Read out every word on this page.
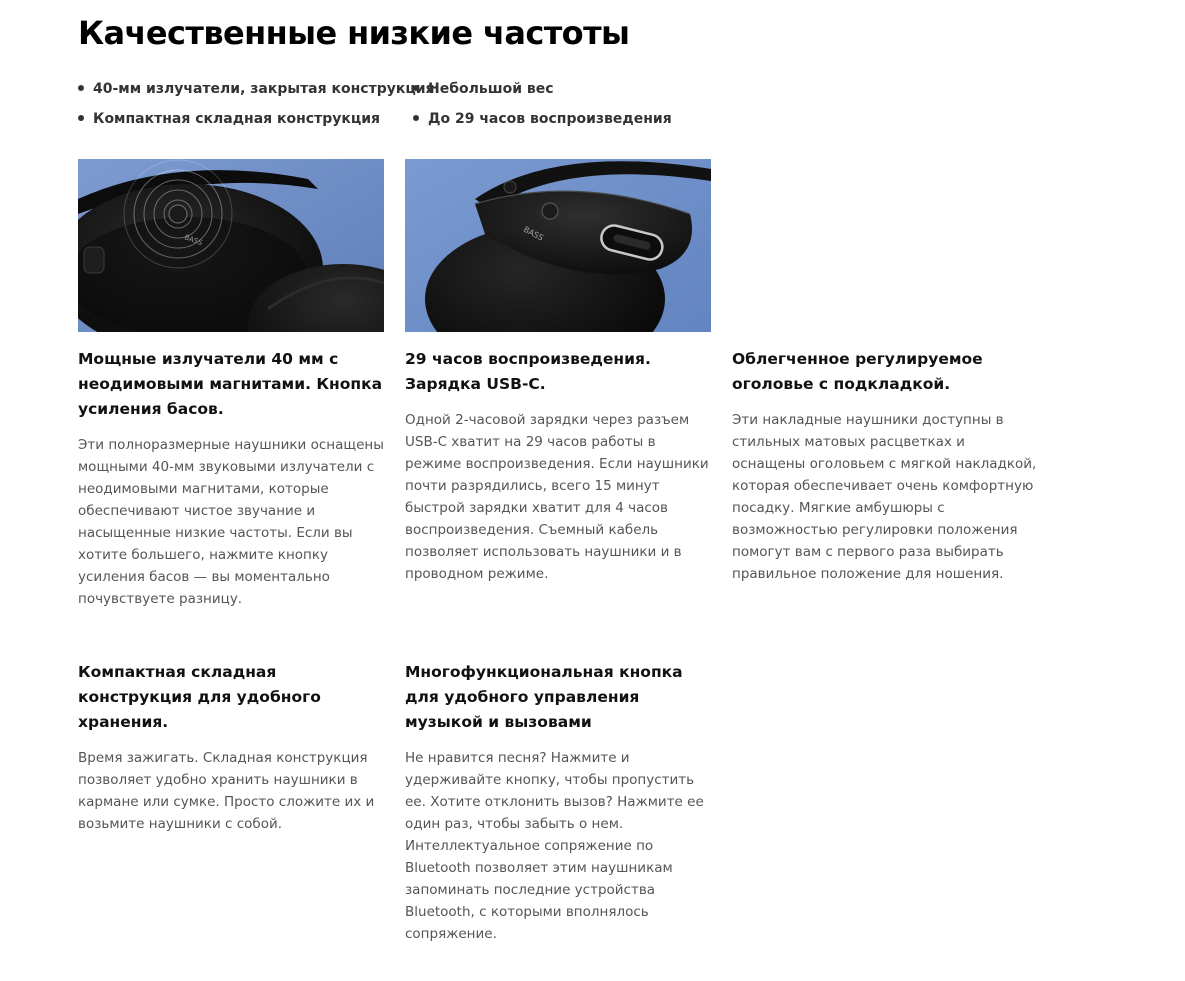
Качественные низкие частоты
40-мм излучатели, закрытая конструкция
Небольшой вес
Компактная складная конструкция	До 29 часов воспроизведения
BASS	BASS
Мощные излучатели 40 мм с неодимовыми магнитами. Кнопка усиления басов.

Эти полноразмерные наушники оснащены мощными 40-мм звуковыми излучатели с неодимовыми магнитами, которые обеспечивают чистое звучание и насыщенные низкие частоты. Если вы хотите большего, нажмите кнопку усиления басов — вы моментально почувствуете разницу.

29 часов воспроизведения. Зарядка USB-C.

Одной 2-часовой зарядки через разъем USB-C хватит на 29 часов работы в режиме воспроизведения. Если наушники почти разрядились, всего 15 минут быстрой зарядки хватит для 4 часов воспроизведения. Съемный кабель позволяет использовать наушники и в проводном режиме.

Облегченное регулируемое оголовье с подкладкой.

Эти накладные наушники доступны в стильных матовых расцветках и оснащены оголовьем с мягкой накладкой, которая обеспечивает очень комфортную посадку. Мягкие амбушюры с возможностью регулировки положения помогут вам с первого раза выбирать правильное положение для ношения.

Компактная складная конструкция для удобного хранения.

Время зажигать. Складная конструкция позволяет удобно хранить наушники в кармане или сумке. Просто сложите их и возьмите наушники с собой.

Многофункциональная кнопка для удобного управления музыкой и вызовами

Не нравится песня? Нажмите и удерживайте кнопку, чтобы пропустить ее. Хотите отклонить вызов? Нажмите ее один раз, чтобы забыть о нем. Интеллектуальное сопряжение по Bluetooth позволяет этим наушникам запоминать последние устройства Bluetooth, с которыми вполнялось сопряжение.
